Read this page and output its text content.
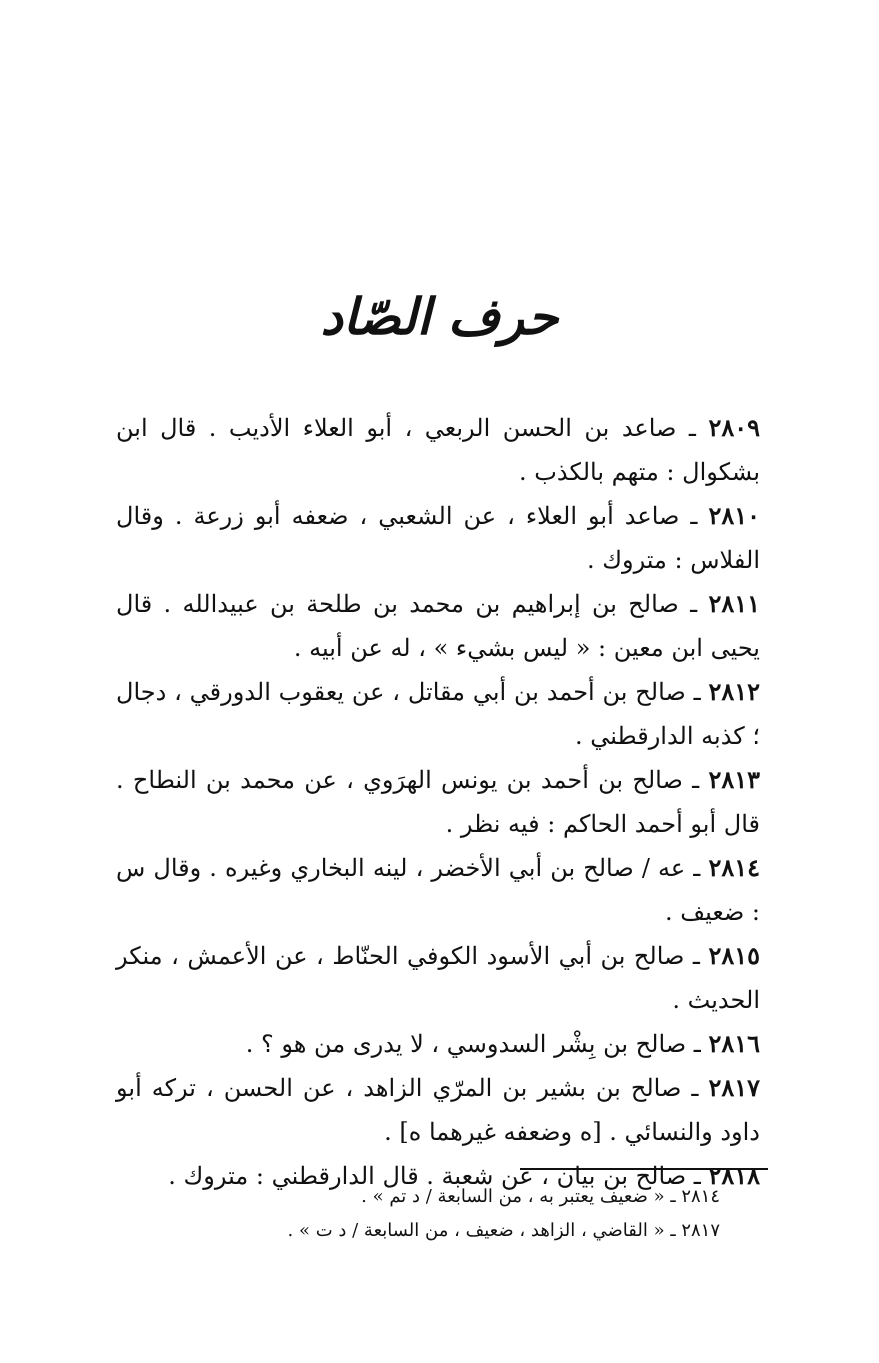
حرف الصّاد

٢٨٠٩ ـ صاعد بن الحسن الربعي ، أبو العلاء الأديب . قال ابن بشكوال : متهم بالكذب .

٢٨١٠ ـ صاعد أبو العلاء ، عن الشعبي ، ضعفه أبو زرعة . وقال الفلاس : متروك .

٢٨١١ ـ صالح بن إبراهيم بن محمد بن طلحة بن عبيدالله . قال يحيى ابن معين : « ليس بشيء » ، له عن أبيه .

٢٨١٢ ـ صالح بن أحمد بن أبي مقاتل ، عن يعقوب الدورقي ، دجال ؛ كذبه الدارقطني .

٢٨١٣ ـ صالح بن أحمد بن يونس الهرَوي ، عن محمد بن النطاح . قال أبو أحمد الحاكم : فيه نظر .

٢٨١٤ ـ عه / صالح بن أبي الأخضر ، لينه البخاري وغيره . وقال س : ضعيف .

٢٨١٥ ـ صالح بن أبي الأسود الكوفي الحنّاط ، عن الأعمش ، منكر الحديث .

٢٨١٦ ـ صالح بن بِشْر السدوسي ، لا يدرى من هو ؟ .

٢٨١٧ ـ صالح بن بشير بن المرّي الزاهد ، عن الحسن ، تركه أبو داود والنسائي . [ه وضعفه غيرهما ه] .

٢٨١٨ ـ صالح بن بيان ، عن شعبة . قال الدارقطني : متروك .

٢٨١٤ ـ « ضعيف يعتبر به ، من السابعة / د تم » .

٢٨١٧ ـ « القاضي ، الزاهد ، ضعيف ، من السابعة / د ت » .
